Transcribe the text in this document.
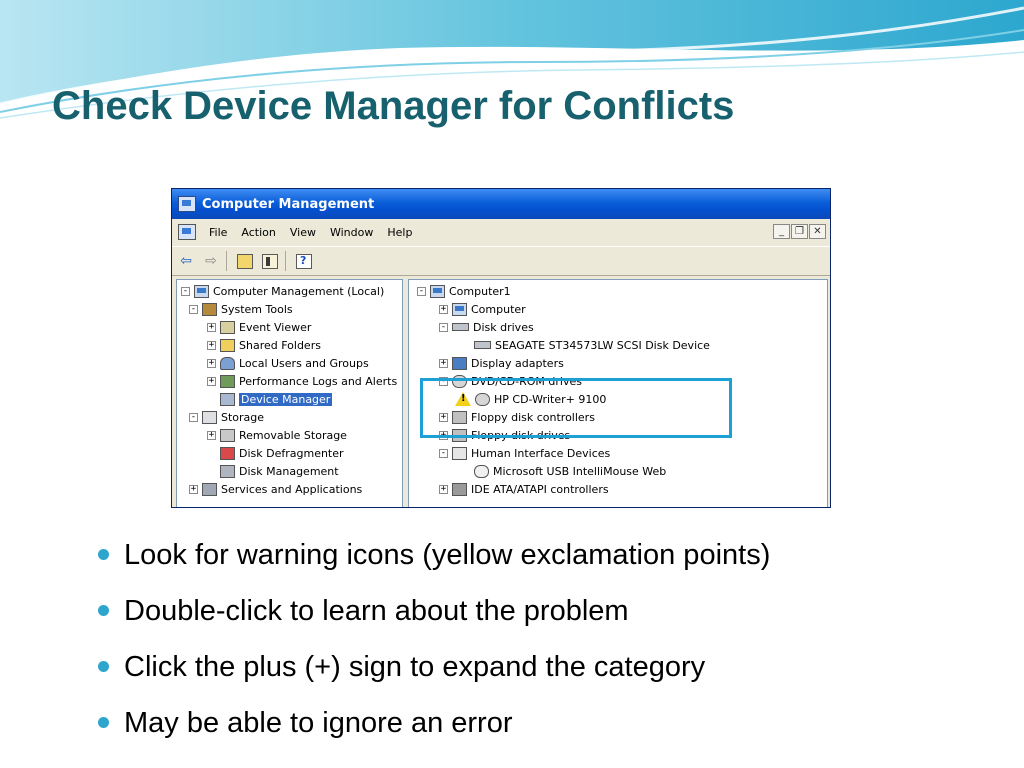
Check Device Manager for Conflicts
Computer Management
File	Action	View	Window	Help	_	❐ ✕
⇦ ⇨
?
- Computer Management (Local)
- System Tools
+ Event Viewer
+ Shared Folders
+ Local Users and Groups
+ Performance Logs and Alerts
Device Manager
- Storage
+ Removable Storage
Disk Defragmenter
Disk Management
+ Services and Applications
- Computer1
+ Computer
- Disk drives
SEAGATE ST34573LW SCSI Disk Device
+ Display adapters
- DVD/CD-ROM drives
!
HP CD-Writer+ 9100
+ Floppy disk controllers
+ Floppy disk drives
- Human Interface Devices
Microsoft USB IntelliMouse Web
+ IDE ATA/ATAPI controllers
Look for warning icons (yellow exclamation points)
Double-click to learn about the problem
Click the plus (+) sign to expand the category
May be able to ignore an error
